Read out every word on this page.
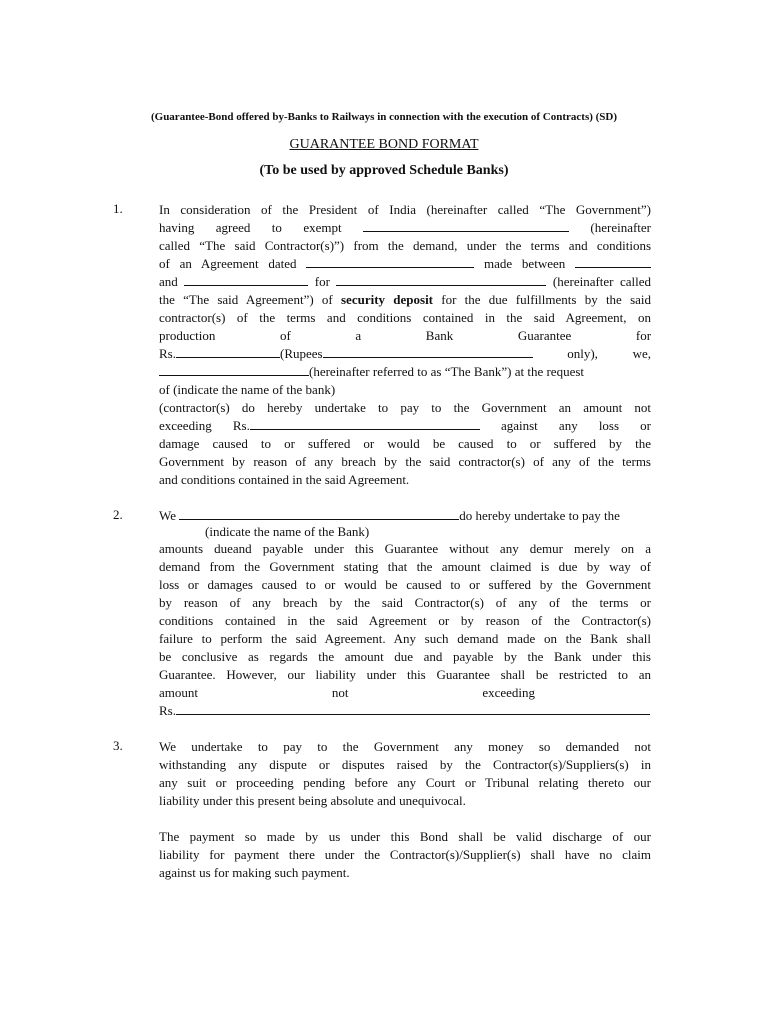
(Guarantee-Bond offered by-Banks to Railways in connection with the execution of Contracts) (SD)
GUARANTEE BOND FORMAT
(To be used by approved Schedule Banks)
1.	In consideration of the President of India (hereinafter called “The Government”)
having agreed to exempt	(hereinafter
called “The said Contractor(s)”) from the demand, under the terms and conditions
of an Agreement dated	made between
and	for	(hereinafter called
the “The said Agreement”) of security deposit for the due fulfillments by the said
contractor(s) of the terms and conditions contained in the said Agreement, on
production	of	a	Bank	Guarantee	for
Rs.	(Rupees	only),	we,
(hereinafter referred to as “The Bank”) at the request
of (indicate the name of the bank)
(contractor(s) do hereby undertake to pay to the Government an amount not
exceeding Rs.	against any loss or
damage caused to or suffered or would be caused to or suffered by the
Government by reason of any breach by the said contractor(s) of any of the terms
and conditions contained in the said Agreement.
2.	We	do hereby undertake to pay the
(indicate the name of the Bank)
amounts dueand payable under this Guarantee without any demur merely on a
demand from the Government stating that the amount claimed is due by way of
loss or damages caused to or would be caused to or suffered by the Government
by reason of any breach by the said Contractor(s) of any of the terms or
conditions contained in the said Agreement or by reason of the Contractor(s)
failure to perform the said Agreement. Any such demand made on the Bank shall
be conclusive as regards the amount due and payable by the Bank under this
Guarantee. However, our liability under this Guarantee shall be restricted to an
amount	not	exceeding
Rs.
3.	We undertake to pay to the Government any money so demanded not
withstanding any dispute or disputes raised by the Contractor(s)/Suppliers(s) in
any suit or proceeding pending before any Court or Tribunal relating thereto our
liability under this present being absolute and unequivocal.
The payment so made by us under this Bond shall be valid discharge of our
liability for payment there under the Contractor(s)/Supplier(s) shall have no claim
against us for making such payment.
